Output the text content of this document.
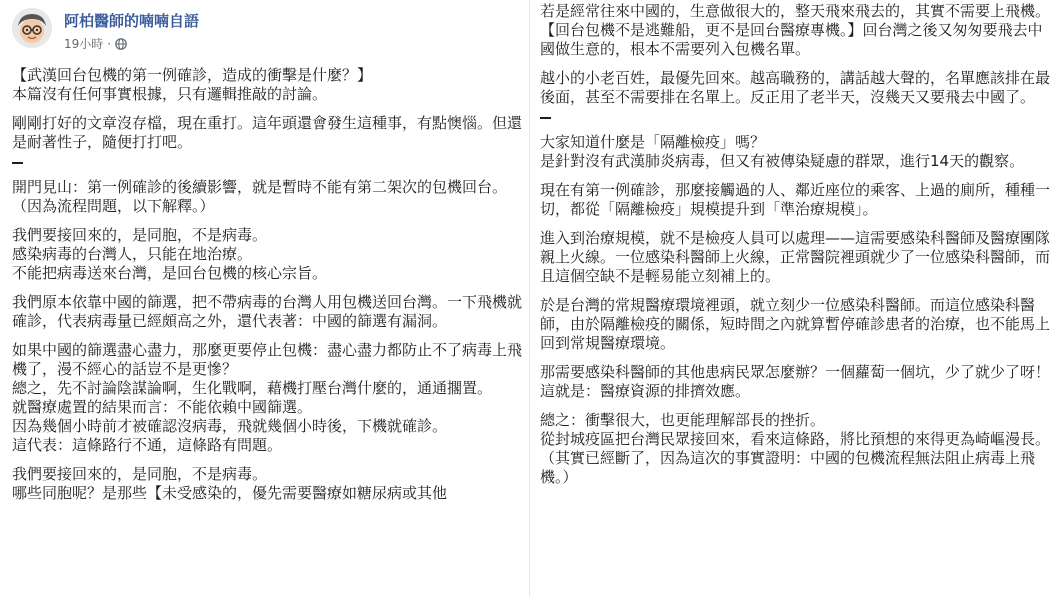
阿柏醫師的喃喃自語
19小時 ·

【武漢回台包機的第一例確診，造成的衝擊是什麼？】
本篇沒有任何事實根據，只有邏輯推敲的討論。

剛剛打好的文章沒存檔，現在重打。這年頭還會發生這種事，有點懊惱。但還是耐著性子，隨便打打吧。

開門見山：第一例確診的後續影響，就是暫時不能有第二架次的包機回台。（因為流程問題，以下解釋。）

我們要接回來的，是同胞，不是病毒。
感染病毒的台灣人，只能在地治療。
不能把病毒送來台灣，是回台包機的核心宗旨。

我們原本依靠中國的篩選，把不帶病毒的台灣人用包機送回台灣。一下飛機就確診，代表病毒量已經頗高之外，還代表著：中國的篩選有漏洞。

如果中國的篩選盡心盡力，那麼更要停止包機：盡心盡力都防止不了病毒上飛機了，漫不經心的話豈不是更慘？
總之，先不討論陰謀論啊，生化戰啊，藉機打壓台灣什麼的，通通擱置。
就醫療處置的結果而言：不能依賴中國篩選。
因為幾個小時前才被確認沒病毒，飛就幾個小時後，下機就確診。
這代表：這條路行不通，這條路有問題。

我們要接回來的，是同胞，不是病毒。
哪些同胞呢？是那些【未受感染的，優先需要醫療如糖尿病或其他

若是經常往來中國的，生意做很大的，整天飛來飛去的，其實不需要上飛機。【回台包機不是逃難船，更不是回台醫療專機。】回台灣之後又匆匆要飛去中國做生意的，根本不需要列入包機名單。

越小的小老百姓，最優先回來。越高職務的，講話越大聲的，名單應該排在最後面，甚至不需要排在名單上。反正用了老半天，沒幾天又要飛去中國了。

大家知道什麼是「隔離檢疫」嗎？
是針對沒有武漢肺炎病毒，但又有被傳染疑慮的群眾，進行14天的觀察。

現在有第一例確診，那麼接觸過的人、鄰近座位的乘客、上過的廁所，種種一切，都從「隔離檢疫」規模提升到「準治療規模」。

進入到治療規模，就不是檢疫人員可以處理——這需要感染科醫師及醫療團隊親上火線。一位感染科醫師上火線，正常醫院裡頭就少了一位感染科醫師，而且這個空缺不是輕易能立刻補上的。

於是台灣的常規醫療環境裡頭，就立刻少一位感染科醫師。而這位感染科醫師，由於隔離檢疫的關係，短時間之內就算暫停確診患者的治療，也不能馬上回到常規醫療環境。

那需要感染科醫師的其他患病民眾怎麼辦？一個蘿蔔一個坑，少了就少了呀！這就是：醫療資源的排擠效應。

總之：衝擊很大，也更能理解部長的挫折。
從封城疫區把台灣民眾接回來，看來這條路，將比預想的來得更為崎嶇漫長。（其實已經斷了，因為這次的事實證明：中國的包機流程無法阻止病毒上飛機。）
